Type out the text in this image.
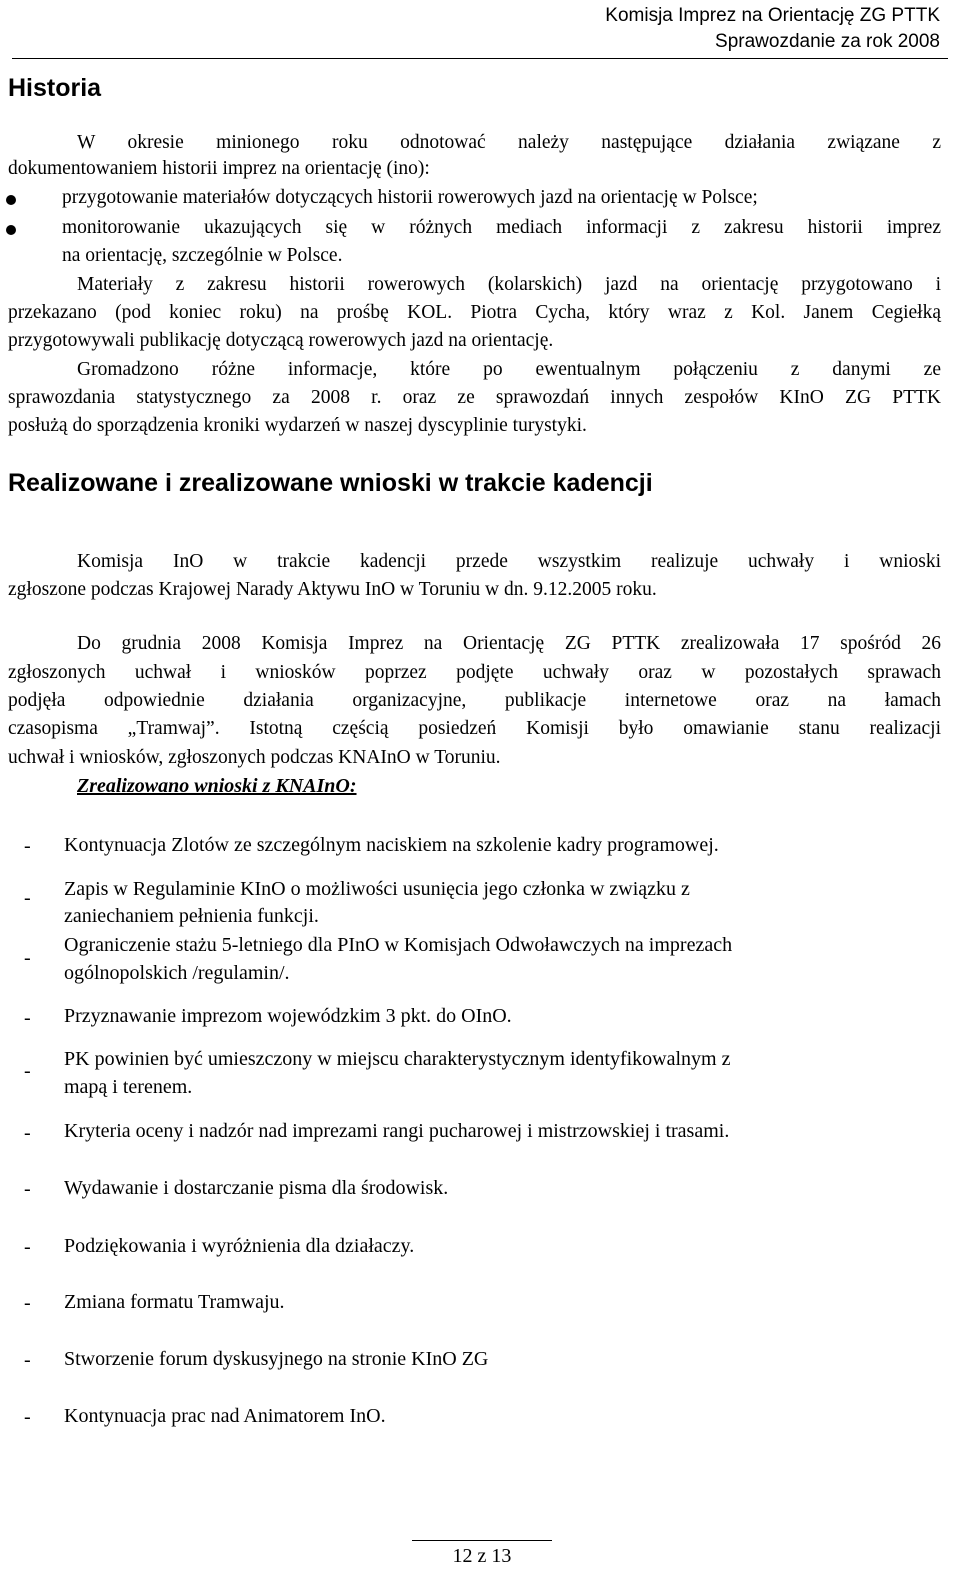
Komisja Imprez na Orientację ZG PTTK
Sprawozdanie za rok 2008
Historia
W okresie minionego roku odnotować należy następujące działania związane z
dokumentowaniem historii imprez na orientację (ino):
przygotowanie materiałów dotyczących historii rowerowych jazd na orientację w Polsce;
monitorowanie ukazujących się w różnych mediach informacji z zakresu historii imprez
na orientację, szczególnie w Polsce.
Materiały z zakresu historii rowerowych (kolarskich) jazd na orientację przygotowano i
przekazano (pod koniec roku) na prośbę KOL. Piotra Cycha, który wraz z Kol. Janem Cegiełką
przygotowywali publikację dotyczącą rowerowych jazd na orientację.
Gromadzono różne informacje, które po ewentualnym połączeniu z danymi ze
sprawozdania statystycznego za 2008 r. oraz ze sprawozdań innych zespołów KInO ZG PTTK
posłużą do sporządzenia kroniki wydarzeń w naszej dyscyplinie turystyki.
Realizowane i zrealizowane wnioski w trakcie kadencji
Komisja InO w trakcie kadencji przede wszystkim realizuje uchwały i wnioski
zgłoszone podczas Krajowej Narady Aktywu InO w Toruniu w dn. 9.12.2005 roku.
Do grudnia 2008 Komisja Imprez na Orientację ZG PTTK zrealizowała 17 spośród 26
zgłoszonych uchwał i wniosków poprzez podjęte uchwały oraz w pozostałych sprawach
podjęła odpowiednie działania organizacyjne, publikacje internetowe oraz na łamach
czasopisma „Tramwaj”. Istotną częścią posiedzeń Komisji było omawianie stanu realizacji
uchwał i wniosków, zgłoszonych podczas KNAInO w Toruniu.
Zrealizowano wnioski z KNAInO:
- Kontynuacja Zlotów ze szczególnym naciskiem na szkolenie kadry programowej.
- Zapis w Regulaminie KInO o możliwości usunięcia jego członka w związku z
zaniechaniem pełnienia funkcji.
-
Ograniczenie stażu 5-letniego dla PInO w Komisjach Odwoławczych na imprezach
ogólnopolskich /regulamin/.
- Przyznawanie imprezom wojewódzkim 3 pkt. do OInO.
-
PK powinien być umieszczony w miejscu charakterystycznym identyfikowalnym z
mapą i terenem.
- Kryteria oceny i nadzór nad imprezami rangi pucharowej i mistrzowskiej i trasami.
- Wydawanie i dostarczanie pisma dla środowisk.
- Podziękowania i wyróżnienia dla działaczy.
- Zmiana formatu Tramwaju.
- Stworzenie forum dyskusyjnego na stronie KInO ZG
- Kontynuacja prac nad Animatorem InO.
12 z 13
